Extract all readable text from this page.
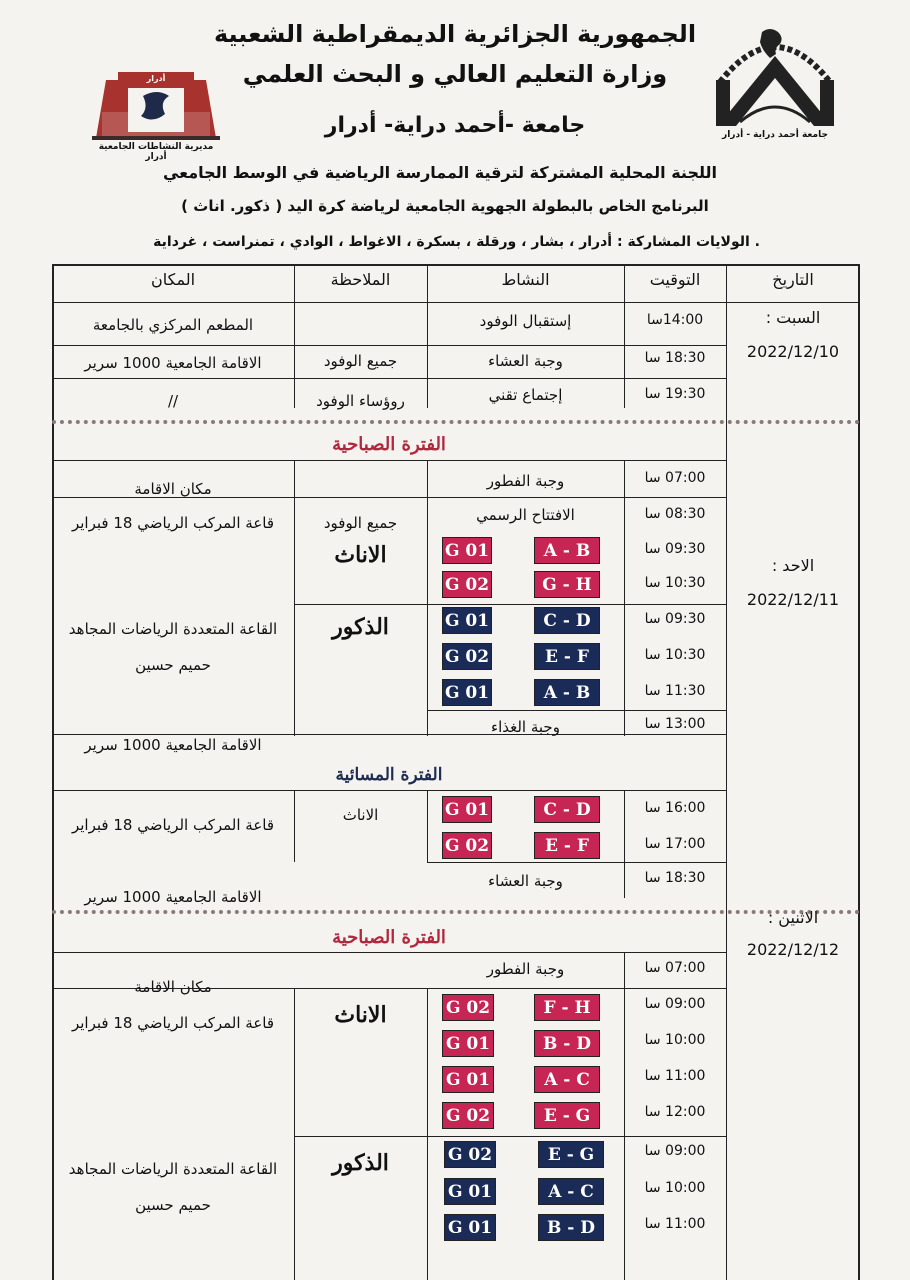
الجمهورية الجزائرية الديمقراطية الشعبية
وزارة التعليم العالي و البحث العلمي
جامعة -أحمد دراية- أدرار
اللجنة المحلية المشتركة لترقية الممارسة الرياضية في الوسط الجامعي
البرنامج الخاص بالبطولة الجهوية الجامعية لرياضة كرة اليد ( ذكور. اناث )
الولايات المشاركة : أدرار ، بشار ، ورقلة ، بسكرة ، الاغواط ، الوادي ، تمنراست ، غرداية .
أدرار
مديرية النشاطات الجامعية أدرار
جامعة أحمد دراية - أدرار
التاريخ
التوقيت
النشاط
الملاحظة
المكان
السبت :
2022/12/10
14:00سا
إستقبال الوفود
المطعم المركزي بالجامعة
18:30 سا
وجبة العشاء
جميع الوفود
الاقامة الجامعية 1000 سرير
19:30 سا
إجتماع تقني
روؤساء الوفود
//
الفترة الصباحية
الاحد :
2022/12/11
07:00 سا
وجبة الفطور
مكان الاقامة
08:30 سا
الافتتاح الرسمي
جميع الوفود
قاعة المركب الرياضي 18 فبراير
الاناث	09:30 سا
A - B
G 01
10:30 سا
G - H
G 02
الذكور
القاعة المتعددة الرياضات المجاهد
حميم حسين
09:30 سا
C - D
G 01
10:30 سا
E - F
G 02
11:30 سا
A - B
G 01
13:00 سا
وجبة الغذاء
الاقامة الجامعية 1000 سرير
الفترة المسائية
الاناث
قاعة المركب الرياضي 18 فبراير
16:00 سا
C - D
G 01
17:00 سا
E - F
G 02
18:30 سا
وجبة العشاء
الاقامة الجامعية 1000 سرير
الاثنين :
2022/12/12
الفترة الصباحية
07:00 سا
وجبة الفطور
مكان الاقامة
الاناث
قاعة المركب الرياضي 18 فبراير
09:00 سا
F - H
G 02
10:00 سا
B - D
G 01
11:00 سا
A - C
G 01
12:00 سا
E - G
G 02
الذكور
القاعة المتعددة الرياضات المجاهد
حميم حسين
09:00 سا
E - G
G 02
10:00 سا
A - C
G 01
11:00 سا
B - D
G 01
